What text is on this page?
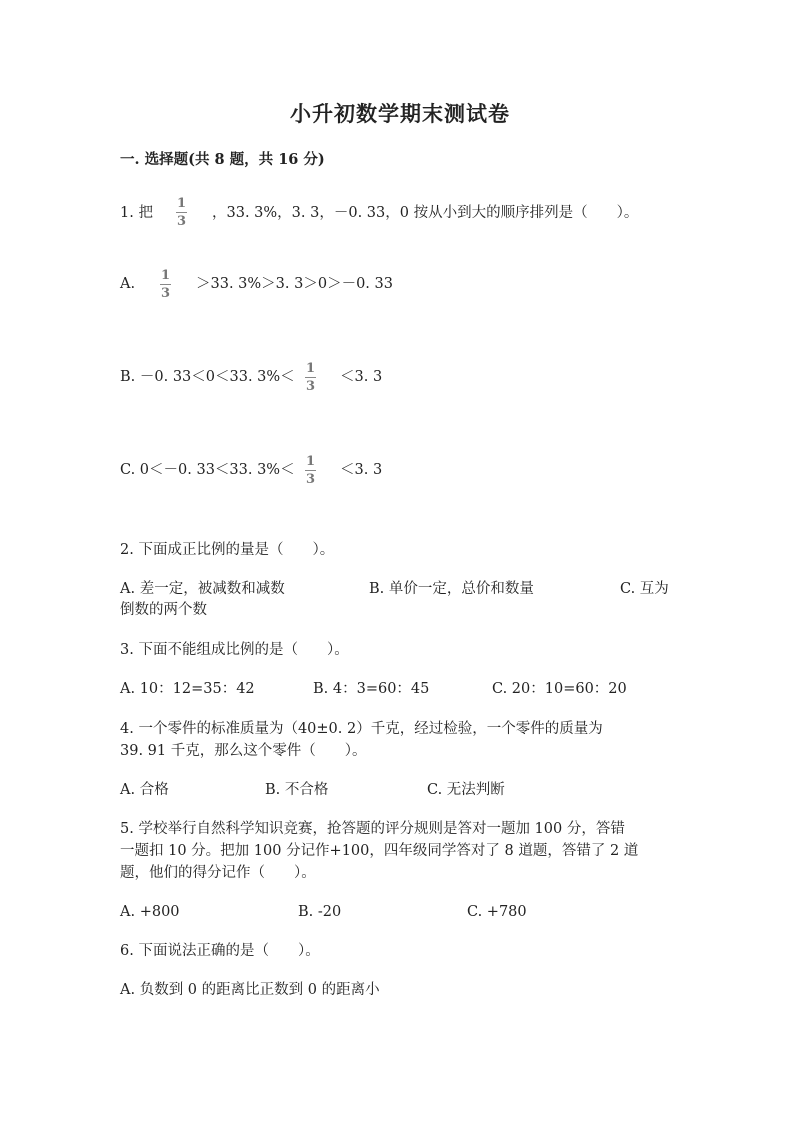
小升初数学期末测试卷
一. 选择题(共 8 题，共 16 分)
1. 把
1
3
，33. 3%，3. 3，－0. 33，0 按从小到大的顺序排列是（　　）。
A.
1
3
＞33. 3%＞3. 3＞0＞－0. 33
B. －0. 33＜0＜33. 3%＜
1
3
＜3. 3
C. 0＜－0. 33＜33. 3%＜
1
3
＜3. 3
2. 下面成正比例的量是（　　）。
A. 差一定，被减数和减数	B. 单价一定，总价和数量	C. 互为
倒数的两个数
3. 下面不能组成比例的是（　　）。
A. 10：12=35：42	B. 4：3=60：45	C. 20：10=60：20
4. 一个零件的标准质量为（40±0. 2）千克，经过检验，一个零件的质量为
39. 91 千克，那么这个零件（　　）。
A. 合格	B. 不合格	C. 无法判断
5. 学校举行自然科学知识竞赛，抢答题的评分规则是答对一题加 100 分，答错
一题扣 10 分。把加 100 分记作+100，四年级同学答对了 8 道题，答错了 2 道
题，他们的得分记作（　　）。
A. +800	B. -20	C. +780
6. 下面说法正确的是（　　）。
A. 负数到 0 的距离比正数到 0 的距离小
